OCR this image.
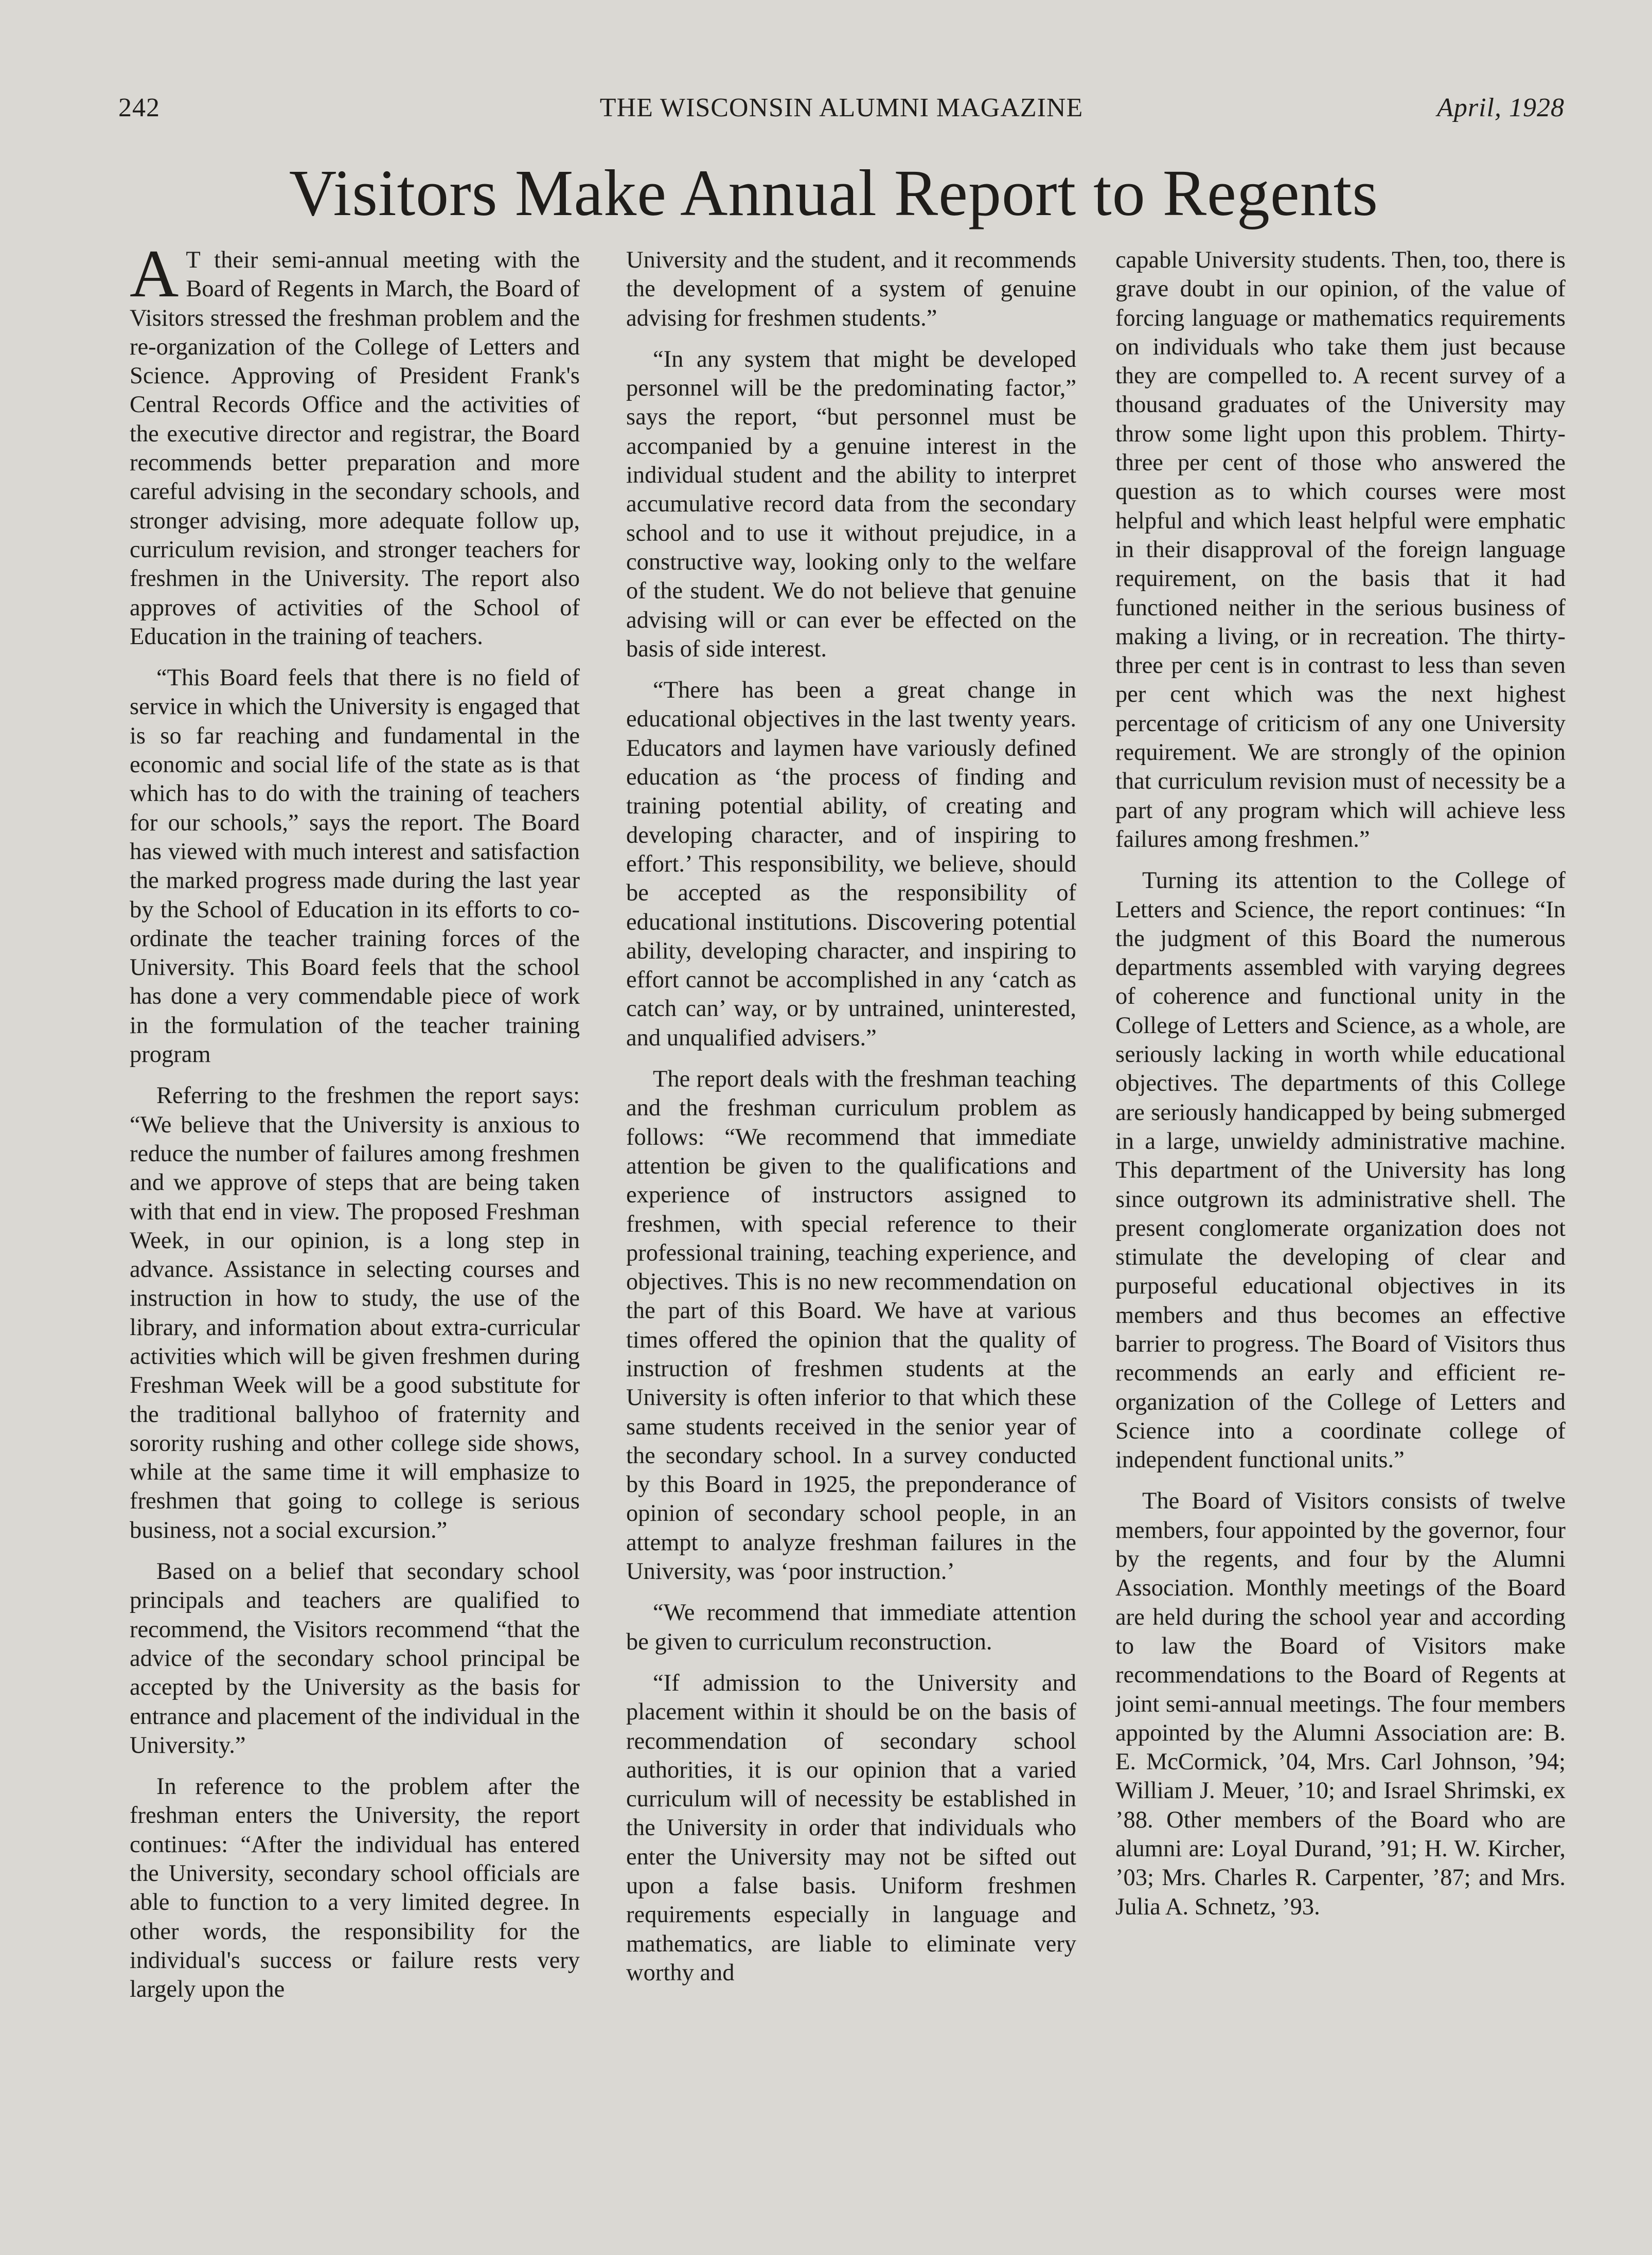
242	THE WISCONSIN ALUMNI MAGAZINE	April, 1928
Visitors Make Annual Report to Regents

A T their semi-annual meeting with the Board of Regents in March, the Board of Visitors stressed the freshman problem and the re-organization of the College of Letters and Science. Approving of President Frank's Central Records Office and the activities of the executive director and registrar, the Board recommends better preparation and more careful advising in the secondary schools, and stronger advising, more adequate follow up, curriculum revision, and stronger teachers for freshmen in the University. The report also approves of activities of the School of Education in the training of teachers.

“This Board feels that there is no field of service in which the University is engaged that is so far reaching and fundamental in the economic and social life of the state as is that which has to do with the training of teachers for our schools,” says the report. The Board has viewed with much interest and satisfaction the marked progress made during the last year by the School of Education in its efforts to co-ordinate the teacher training forces of the University. This Board feels that the school has done a very commendable piece of work in the formulation of the teacher training program

Referring to the freshmen the report says: “We believe that the University is anxious to reduce the number of failures among freshmen and we approve of steps that are being taken with that end in view. The proposed Freshman Week, in our opinion, is a long step in advance. Assistance in selecting courses and instruction in how to study, the use of the library, and information about extra-curricular activities which will be given freshmen during Freshman Week will be a good substitute for the traditional ballyhoo of fraternity and sorority rushing and other college side shows, while at the same time it will emphasize to freshmen that going to college is serious business, not a social excursion.”

Based on a belief that secondary school principals and teachers are qualified to recommend, the Visitors recommend “that the advice of the secondary school principal be accepted by the University as the basis for entrance and placement of the individual in the University.”

In reference to the problem after the freshman enters the University, the report continues: “After the individual has entered the University, secondary school officials are able to function to a very limited degree. In other words, the responsibility for the individual's success or failure rests very largely upon the

University and the student, and it recommends the development of a system of genuine advising for freshmen students.”

“In any system that might be developed personnel will be the predominating factor,” says the report, “but personnel must be accompanied by a genuine interest in the individual student and the ability to interpret accumulative record data from the secondary school and to use it without prejudice, in a constructive way, looking only to the welfare of the student. We do not believe that genuine advising will or can ever be effected on the basis of side interest.

“There has been a great change in educational objectives in the last twenty years. Educators and laymen have variously defined education as ‘the process of finding and training potential ability, of creating and developing character, and of inspiring to effort.’ This responsibility, we believe, should be accepted as the responsibility of educational institutions. Discovering potential ability, developing character, and inspiring to effort cannot be accomplished in any ‘catch as catch can’ way, or by untrained, uninterested, and unqualified advisers.”

The report deals with the freshman teaching and the freshman curriculum problem as follows: “We recommend that immediate attention be given to the qualifications and experience of instructors assigned to freshmen, with special reference to their professional training, teaching experience, and objectives. This is no new recommendation on the part of this Board. We have at various times offered the opinion that the quality of instruction of freshmen students at the University is often inferior to that which these same students received in the senior year of the secondary school. In a survey conducted by this Board in 1925, the preponderance of opinion of secondary school people, in an attempt to analyze freshman failures in the University, was ‘poor instruction.’

“We recommend that immediate attention be given to curriculum reconstruction.

“If admission to the University and placement within it should be on the basis of recommendation of secondary school authorities, it is our opinion that a varied curriculum will of necessity be established in the University in order that individuals who enter the University may not be sifted out upon a false basis. Uniform freshmen requirements especially in language and mathematics, are liable to eliminate very worthy and

capable University students. Then, too, there is grave doubt in our opinion, of the value of forcing language or mathematics requirements on individuals who take them just because they are compelled to. A recent survey of a thousand graduates of the University may throw some light upon this problem. Thirty-three per cent of those who answered the question as to which courses were most helpful and which least helpful were emphatic in their disapproval of the foreign language requirement, on the basis that it had functioned neither in the serious business of making a living, or in recreation. The thirty-three per cent is in contrast to less than seven per cent which was the next highest percentage of criticism of any one University requirement. We are strongly of the opinion that curriculum revision must of necessity be a part of any program which will achieve less failures among freshmen.”

Turning its attention to the College of Letters and Science, the report continues: “In the judgment of this Board the numerous departments assembled with varying degrees of coherence and functional unity in the College of Letters and Science, as a whole, are seriously lacking in worth while educational objectives. The departments of this College are seriously handicapped by being submerged in a large, unwieldy administrative machine. This department of the University has long since outgrown its administrative shell. The present conglomerate organization does not stimulate the developing of clear and purposeful educational objectives in its members and thus becomes an effective barrier to progress. The Board of Visitors thus recommends an early and efficient re-organization of the College of Letters and Science into a coordinate college of independent functional units.”

The Board of Visitors consists of twelve members, four appointed by the governor, four by the regents, and four by the Alumni Association. Monthly meetings of the Board are held during the school year and according to law the Board of Visitors make recommendations to the Board of Regents at joint semi-annual meetings. The four members appointed by the Alumni Association are: B. E. McCormick, ’04, Mrs. Carl Johnson, ’94; William J. Meuer, ’10; and Israel Shrimski, ex ’88. Other members of the Board who are alumni are: Loyal Durand, ’91; H. W. Kircher, ’03; Mrs. Charles R. Carpenter, ’87; and Mrs. Julia A. Schnetz, ’93.
